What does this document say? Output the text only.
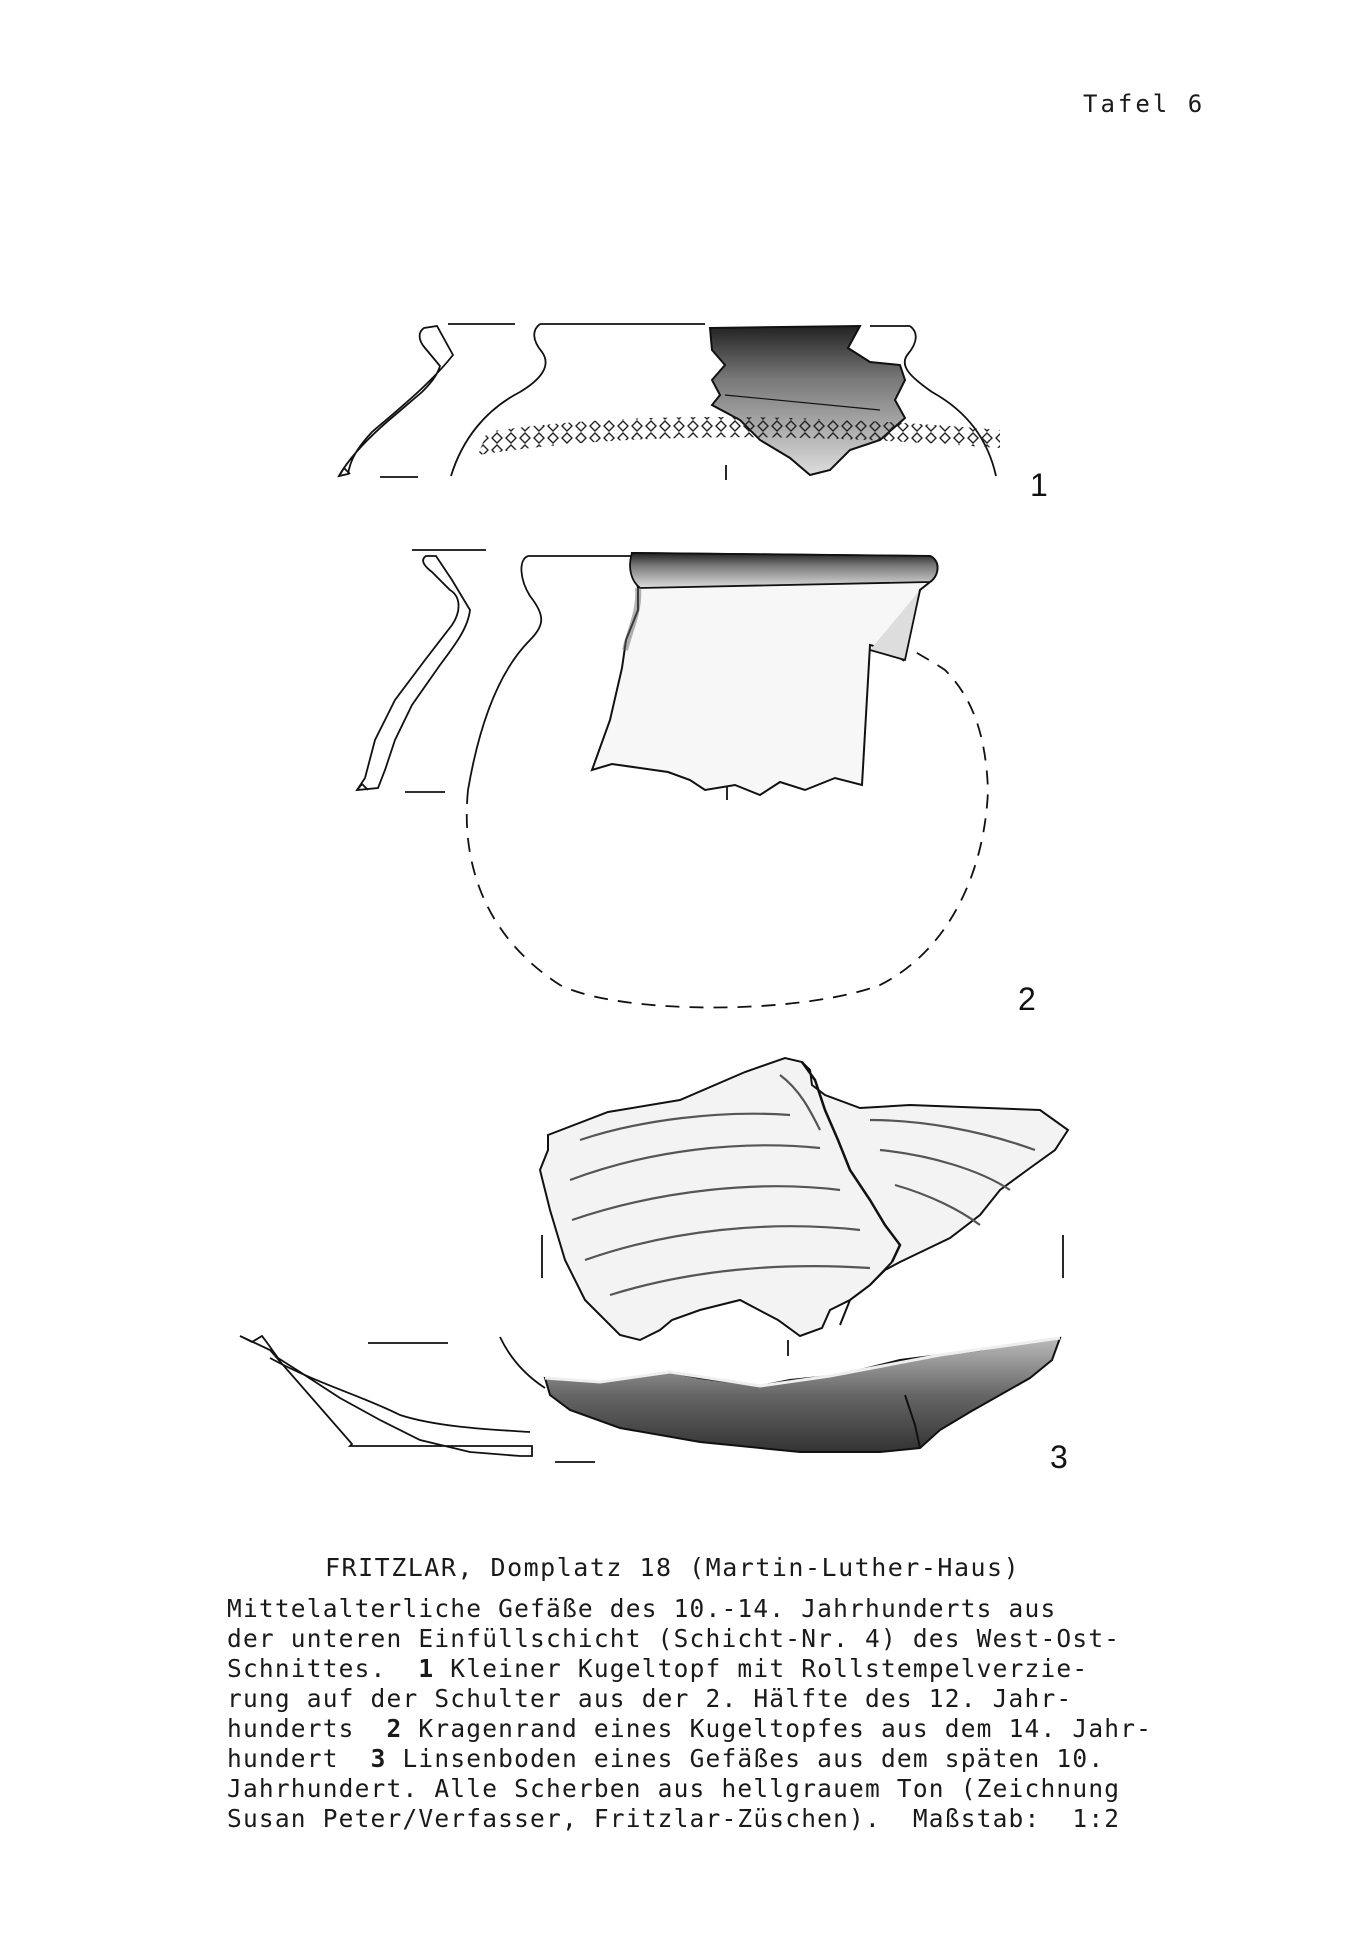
Tafel 6
1
2
3
FRITZLAR, Domplatz 18 (Martin-Luther-Haus)
Mittelalterliche Gefäße des 10.-14. Jahrhunderts aus
der unteren Einfüllschicht (Schicht-Nr. 4) des West-Ost-
Schnittes.  1 Kleiner Kugeltopf mit Rollstempelverzie-
rung auf der Schulter aus der 2. Hälfte des 12. Jahr-
hunderts  2 Kragenrand eines Kugeltopfes aus dem 14. Jahr-
hundert  3 Linsenboden eines Gefäßes aus dem späten 10.
Jahrhundert. Alle Scherben aus hellgrauem Ton (Zeichnung
Susan Peter/Verfasser, Fritzlar-Züschen).  Maßstab:  1:2
